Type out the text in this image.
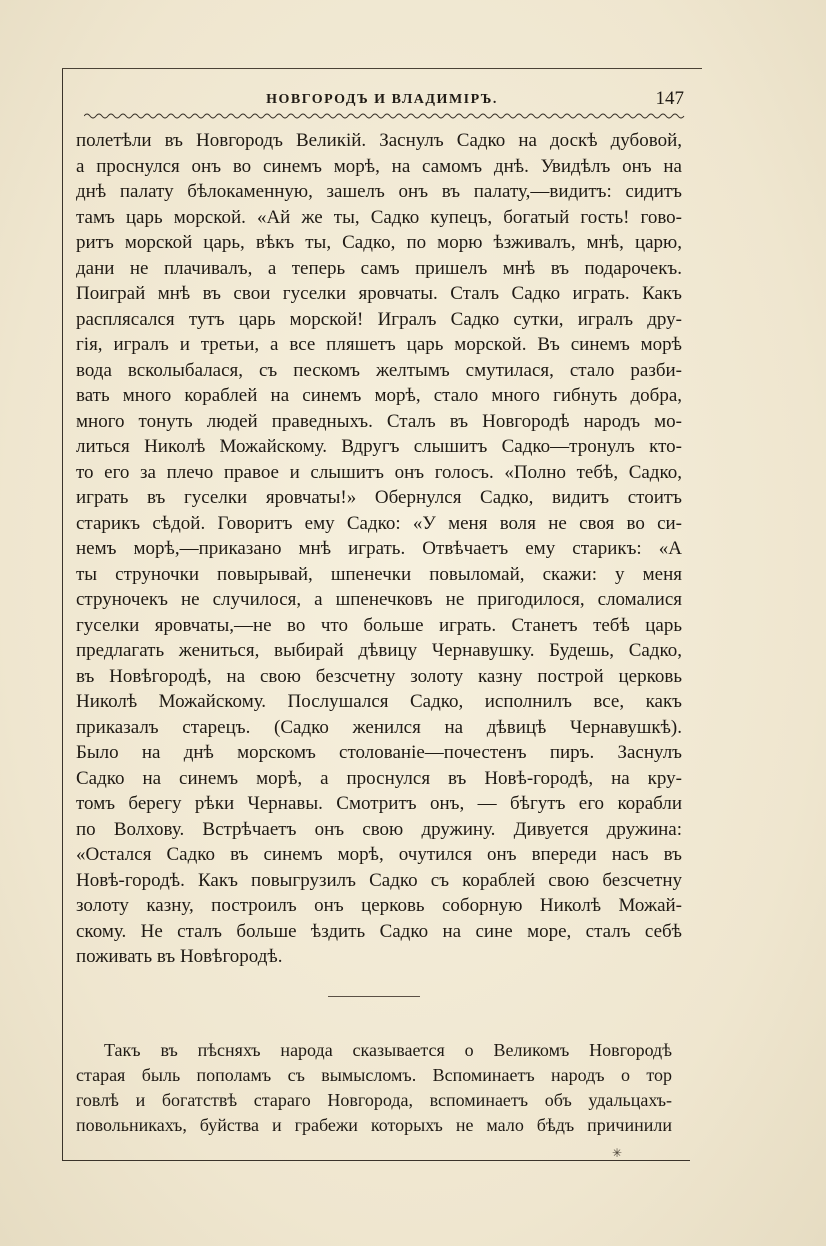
НОВГОРОДЪ И ВЛАДИМІРЪ.	147
полетѣли въ Новгородъ Великій. Заснулъ Садко на доскѣ дубовой,
а проснулся онъ во синемъ морѣ, на самомъ днѣ. Увидѣлъ онъ на
днѣ палату бѣлокаменную, зашелъ онъ въ палату,—видитъ: сидитъ
тамъ царь морской. «Ай же ты, Садко купецъ, богатый гость! гово-
ритъ морской царь, вѣкъ ты, Садко, по морю ѣзживалъ, мнѣ, царю,
дани не плачивалъ, а теперь самъ пришелъ мнѣ въ подарочекъ.
Поиграй мнѣ въ свои гуселки яровчаты. Сталъ Садко играть. Какъ
расплясался тутъ царь морской! Игралъ Садко сутки, игралъ дру-
гія, игралъ и третьи, а все пляшетъ царь морской. Въ синемъ морѣ
вода всколыбалася, съ пескомъ желтымъ смутилася, стало разби-
вать много кораблей на синемъ морѣ, стало много гибнуть добра,
много тонуть людей праведныхъ. Сталъ въ Новгородѣ народъ мо-
литься Николѣ Можайскому. Вдругъ слышитъ Садко—тронулъ кто-
то его за плечо правое и слышитъ онъ голосъ. «Полно тебѣ, Садко,
играть въ гуселки яровчаты!» Обернулся Садко, видитъ стоитъ
старикъ сѣдой. Говоритъ ему Садко: «У меня воля не своя во си-
немъ морѣ,—приказано мнѣ играть. Отвѣчаетъ ему старикъ: «А
ты струночки повырывай, шпенечки повыломай, скажи: у меня
струночекъ не случилося, а шпенечковъ не пригодилося, сломалися
гуселки яровчаты,—не во что больше играть. Станетъ тебѣ царь
предлагать жениться, выбирай дѣвицу Чернавушку. Будешь, Садко,
въ Новѣгородѣ, на свою безсчетну золоту казну построй церковь
Николѣ Можайскому. Послушался Садко, исполнилъ все, какъ
приказалъ старецъ. (Садко женился на дѣвицѣ Чернавушкѣ).
Было на днѣ морскомъ столованіе—почестенъ пиръ. Заснулъ
Садко на синемъ морѣ, а проснулся въ Новѣ-городѣ, на кру-
томъ берегу рѣки Чернавы. Смотритъ онъ, — бѣгутъ его корабли
по Волхову. Встрѣчаетъ онъ свою дружину. Дивуется дружина:
«Остался Садко въ синемъ морѣ, очутился онъ впереди насъ въ
Новѣ-городѣ. Какъ повыгрузилъ Садко съ кораблей свою безсчетну
золоту казну, построилъ онъ церковь соборную Николѣ Можай-
скому. Не сталъ больше ѣздить Садко на сине море, сталъ себѣ
поживать въ Новѣгородѣ.
Такъ въ пѣсняхъ народа сказывается о Великомъ Новгородѣ
старая быль пополамъ съ вымысломъ. Вспоминаетъ народъ о тор
говлѣ и богатствѣ стараго Новгорода, вспоминаетъ объ удальцахъ-
повольникахъ, буйства и грабежи которыхъ не мало бѣдъ причинили
✳
